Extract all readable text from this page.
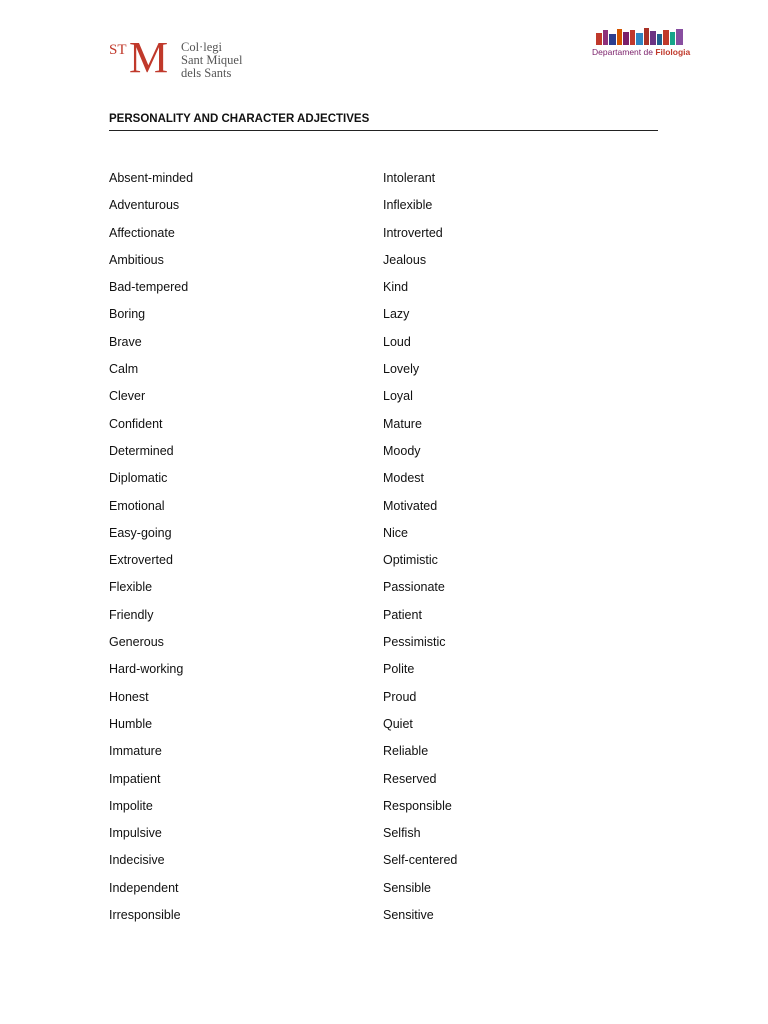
ST M Col·legi
Sant Miquel
dels Sants
Departament de Filologia
PERSONALITY AND CHARACTER ADJECTIVES
Absent-minded
Adventurous
Affectionate
Ambitious
Bad-tempered
Boring
Brave
Calm
Clever
Confident
Determined
Diplomatic
Emotional
Easy-going
Extroverted
Flexible
Friendly
Generous
Hard-working
Honest
Humble
Immature
Impatient
Impolite
Impulsive
Indecisive
Independent
Irresponsible
Intolerant
Inflexible
Introverted
Jealous
Kind
Lazy
Loud
Lovely
Loyal
Mature
Moody
Modest
Motivated
Nice
Optimistic
Passionate
Patient
Pessimistic
Polite
Proud
Quiet
Reliable
Reserved
Responsible
Selfish
Self-centered
Sensible
Sensitive
